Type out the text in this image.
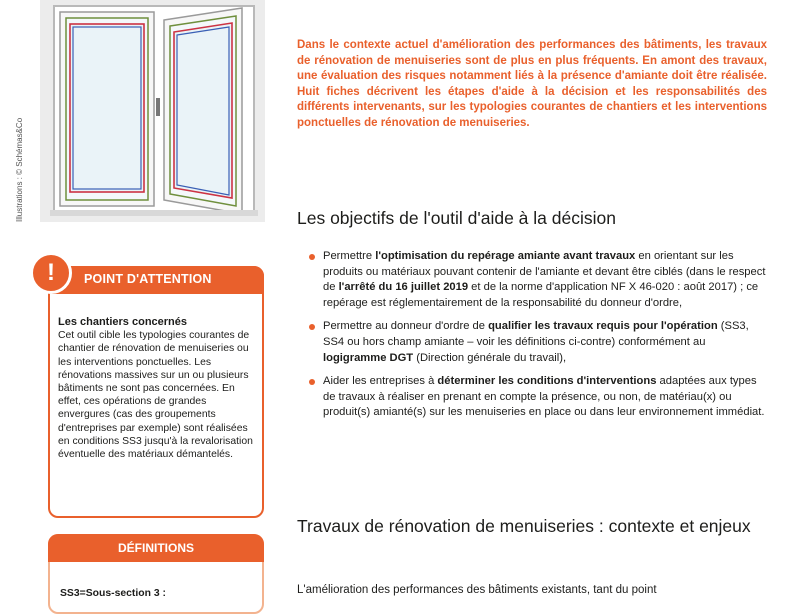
Illustrations : © Schémas&Co
POINT D'ATTENTION
Les chantiers concernés
Cet outil cible les typologies courantes de chantier de rénovation de menuiseries ou les interventions ponctuelles. Les rénovations massives sur un ou plusieurs bâtiments ne sont pas concernées. En effet, ces opérations de grandes envergures (cas des groupements d'entreprises par exemple) sont réalisées en conditions SS3 jusqu'à la revalorisation éventuelle des matériaux démantelés.
!
DÉFINITIONS
SS3=Sous-section 3 :
Dans le contexte actuel d'amélioration des performances des bâtiments, les travaux de rénovation de menuiseries sont de plus en plus fréquents. En amont des travaux, une évaluation des risques notamment liés à la présence d'amiante doit être réalisée. Huit fiches décrivent les étapes d'aide à la décision et les responsabilités des différents intervenants, sur les typologies courantes de chantiers et les interventions ponctuelles de rénovation de menuiseries.
Les objectifs de l'outil d'aide à la décision
Permettre l'optimisation du repérage amiante avant travaux en orientant sur les produits ou matériaux pouvant contenir de l'amiante et devant être ciblés (dans le respect de l'arrêté du 16 juillet 2019 et de la norme d'application NF X 46-020 : août 2017) ; ce repérage est réglementairement de la responsabilité du donneur d'ordre,
Permettre au donneur d'ordre de qualifier les travaux requis pour l'opération (SS3, SS4 ou hors champ amiante – voir les définitions ci-contre) conformément au logigramme DGT (Direction générale du travail),
Aider les entreprises à déterminer les conditions d'interventions adaptées aux types de travaux à réaliser en prenant en compte la présence, ou non, de matériau(x) ou produit(s) amianté(s) sur les menuiseries en place ou dans leur environnement immédiat.
Travaux de rénovation de menuiseries : contexte et enjeux
L'amélioration des performances des bâtiments existants, tant du point
